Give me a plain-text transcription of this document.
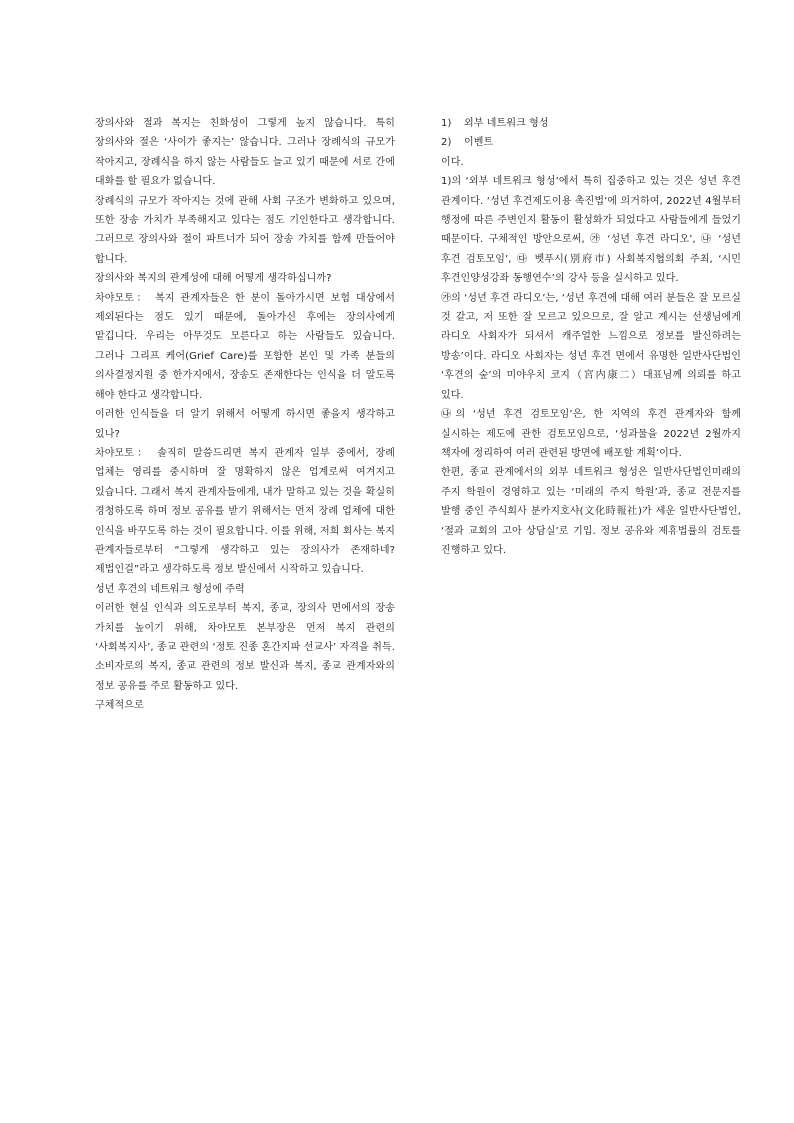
장의사와 절과 복지는 친화성이 그렇게 높지 않습니다. 특히 장의사와 절은 ‘사이가 좋지는’ 않습니다. 그러나 장례식의 규모가 작아지고, 장례식을 하지 않는 사람들도 늘고 있기 때문에 서로 간에 대화를 할 필요가 없습니다.

장례식의 규모가 작아지는 것에 관해 사회 구조가 변화하고 있으며, 또한 장송 가치가 부족해지고 있다는 점도 기인한다고 생각합니다. 그러므로 장의사와 절이 파트너가 되어 장송 가치를 함께 만들어야 합니다.

장의사와 복지의 관계성에 대해 어떻게 생각하십니까?

차야모토： 복지 관계자들은 한 분이 돌아가시면 보험 대상에서 제외된다는 점도 있기 때문에, 돌아가신 후에는 장의사에게 맡깁니다. 우리는 아무것도 모른다고 하는 사람들도 있습니다. 그러나 그리프 케어(Grief Care)를 포함한 본인 및 가족 분들의 의사결정지원 중 한가지에서, 장송도 존재한다는 인식을 더 알도록 해야 한다고 생각합니다.

이러한 인식들을 더 알기 위해서 어떻게 하시면 좋을지 생각하고 있나?

차야모토： 솔직히 말씀드리면 복지 관계자 일부 중에서, 장례 업체는 영리를 중시하며 잘 명확하지 않은 업계로써 여겨지고 있습니다. 그래서 복지 관계자들에게, 내가 말하고 있는 것을 확실히 경청하도록 하며 정보 공유를 받기 위해서는 먼저 장례 업체에 대한 인식을 바꾸도록 하는 것이 필요합니다. 이를 위해, 저희 회사는 복지 관계자들로부터 “그렇게 생각하고 있는 장의사가 존재하네? 제법인걸”라고 생각하도록 정보 발신에서 시작하고 있습니다.

성년 후견의 네트워크 형성에 주력

이러한 현실 인식과 의도로부터 복지, 종교, 장의사 면에서의 장송 가치를 높이기 위해, 차야모토 본부장은 먼저 복지 관련의 ‘사회복지사’, 종교 관련의 ‘정토 진종 혼간지파 선교사’ 자격을 취득. 소비자로의 복지, 종교 관련의 정보 발신과 복지, 종교 관계자와의 정보 공유를 주로 활동하고 있다.

구체적으로

1)	외부 네트워크 형성
2)	이벤트

이다.

1)의 ‘외부 네트워크 형성’에서 특히 집중하고 있는 것은 성년 후견 관계이다. ‘성년 후견제도이용 촉진법’에 의거하여, 2022년 4월부터 행정에 따른 주변인지 활동이 활성화가 되었다고 사람들에게 들었기 때문이다. 구체적인 방안으로써, ㉮ ‘성년 후견 라디오’, ㉯ ‘성년 후견 검토모임’, ㉰ 벳푸시(別府市) 사회복지협의회 주최, ‘시민 후견인양성강좌 동행연수’의 강사 등을 실시하고 있다.

㉮의 ‘성년 후견 라디오’는, ‘성년 후견에 대해 여러 분들은 잘 모르실 것 같고, 저 또한 잘 모르고 있으므로, 잘 알고 계시는 선생님에게 라디오 사회자가 되셔서 캐주얼한 느낌으로 정보를 발신하려는 방송’이다. 라디오 사회자는 성년 후견 면에서 유명한 일반사단법인 ‘후견의 숲’의 미야우치 코지（宮内康二）대표님께 의뢰를 하고 있다.

㉯의 ‘성년 후견 검토모임’은, 한 지역의 후견 관계자와 함께 실시하는 제도에 관한 검토모임으로, ‘성과물을 2022년 2월까지 책자에 정리하여 여러 관련된 방면에 배포할 계획’이다.

한편, 종교 관계에서의 외부 네트워크 형성은 일반사단법인미래의 주지 학원이 경영하고 있는 ‘미래의 주지 학원’과, 종교 전문지를 발행 중인 주식회사 분카지호샤(文化時報社)가 세운 일반사단법인, ‘절과 교회의 고아 상담실’로 기입. 정보 공유와 제휴법률의 검토를 진행하고 있다.
